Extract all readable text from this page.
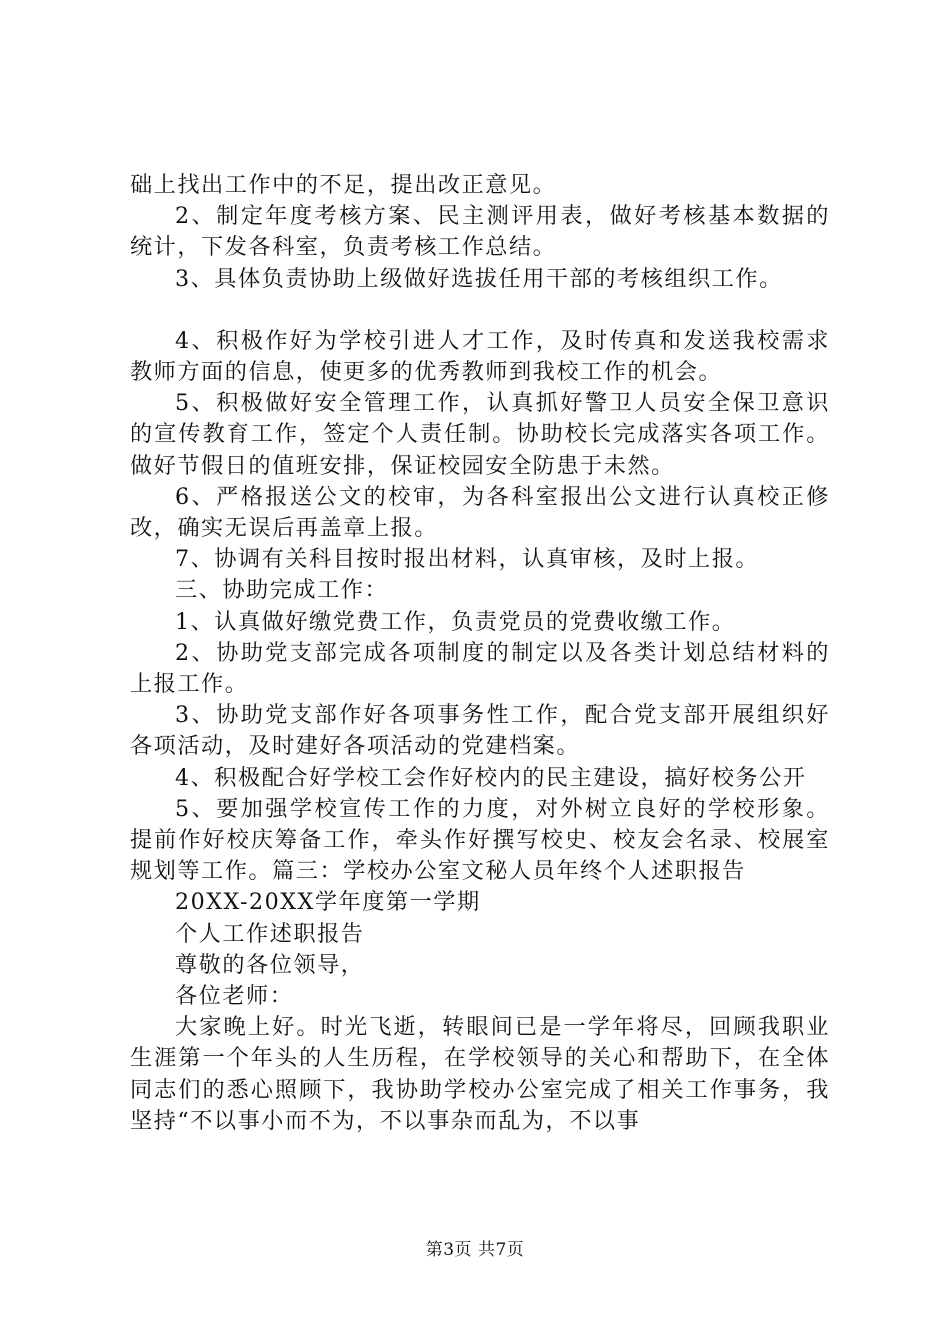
础上找出工作中的不足，提出改正意见。

2、制定年度考核方案、民主测评用表，做好考核基本数据的统计，下发各科室，负责考核工作总结。

3、具体负责协助上级做好选拔任用干部的考核组织工作。

4、积极作好为学校引进人才工作，及时传真和发送我校需求教师方面的信息，使更多的优秀教师到我校工作的机会。

5、积极做好安全管理工作，认真抓好警卫人员安全保卫意识的宣传教育工作，签定个人责任制。协助校长完成落实各项工作。做好节假日的值班安排，保证校园安全防患于未然。

6、严格报送公文的校审，为各科室报出公文进行认真校正修改，确实无误后再盖章上报。

7、协调有关科目按时报出材料，认真审核，及时上报。

三、协助完成工作：

1、认真做好缴党费工作，负责党员的党费收缴工作。

2、协助党支部完成各项制度的制定以及各类计划总结材料的上报工作。

3、协助党支部作好各项事务性工作，配合党支部开展组织好各项活动，及时建好各项活动的党建档案。

4、积极配合好学校工会作好校内的民主建设，搞好校务公开

5、要加强学校宣传工作的力度，对外树立良好的学校形象。提前作好校庆筹备工作，牵头作好撰写校史、校友会名录、校展室规划等工作。篇三：学校办公室文秘人员年终个人述职报告

20XX-20XX学年度第一学期

个人工作述职报告

尊敬的各位领导，

各位老师：

大家晚上好。时光飞逝，转眼间已是一学年将尽，回顾我职业生涯第一个年头的人生历程，在学校领导的关心和帮助下，在全体同志们的悉心照顾下，我协助学校办公室完成了相关工作事务，我坚持“不以事小而不为，不以事杂而乱为，不以事

第3页 共7页
